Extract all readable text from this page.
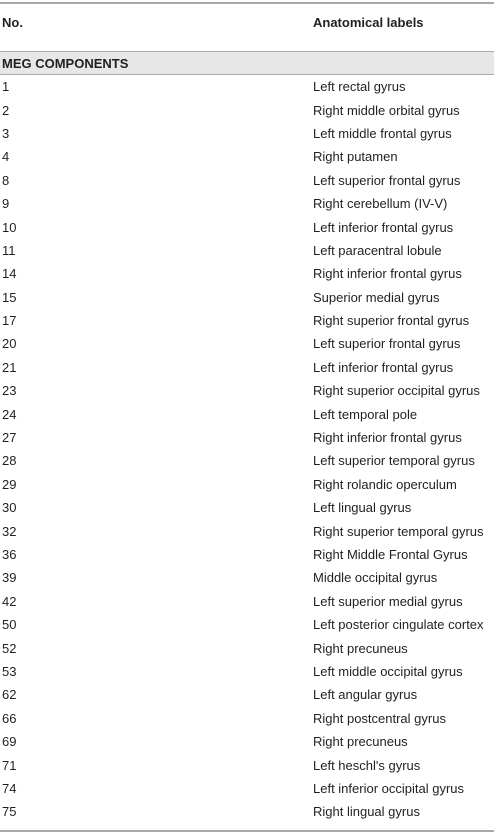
No.	Anatomical labels
MEG COMPONENTS
1	Left rectal gyrus
2	Right middle orbital gyrus
3	Left middle frontal gyrus
4	Right putamen
8	Left superior frontal gyrus
9	Right cerebellum (IV-V)
10	Left inferior frontal gyrus
11	Left paracentral lobule
14	Right inferior frontal gyrus
15	Superior medial gyrus
17	Right superior frontal gyrus
20	Left superior frontal gyrus
21	Left inferior frontal gyrus
23	Right superior occipital gyrus
24	Left temporal pole
27	Right inferior frontal gyrus
28	Left superior temporal gyrus
29	Right rolandic operculum
30	Left lingual gyrus
32	Right superior temporal gyrus
36	Right Middle Frontal Gyrus
39	Middle occipital gyrus
42	Left superior medial gyrus
50	Left posterior cingulate cortex
52	Right precuneus
53	Left middle occipital gyrus
62	Left angular gyrus
66	Right postcentral gyrus
69	Right precuneus
71	Left heschl's gyrus
74	Left inferior occipital gyrus
75	Right lingual gyrus
